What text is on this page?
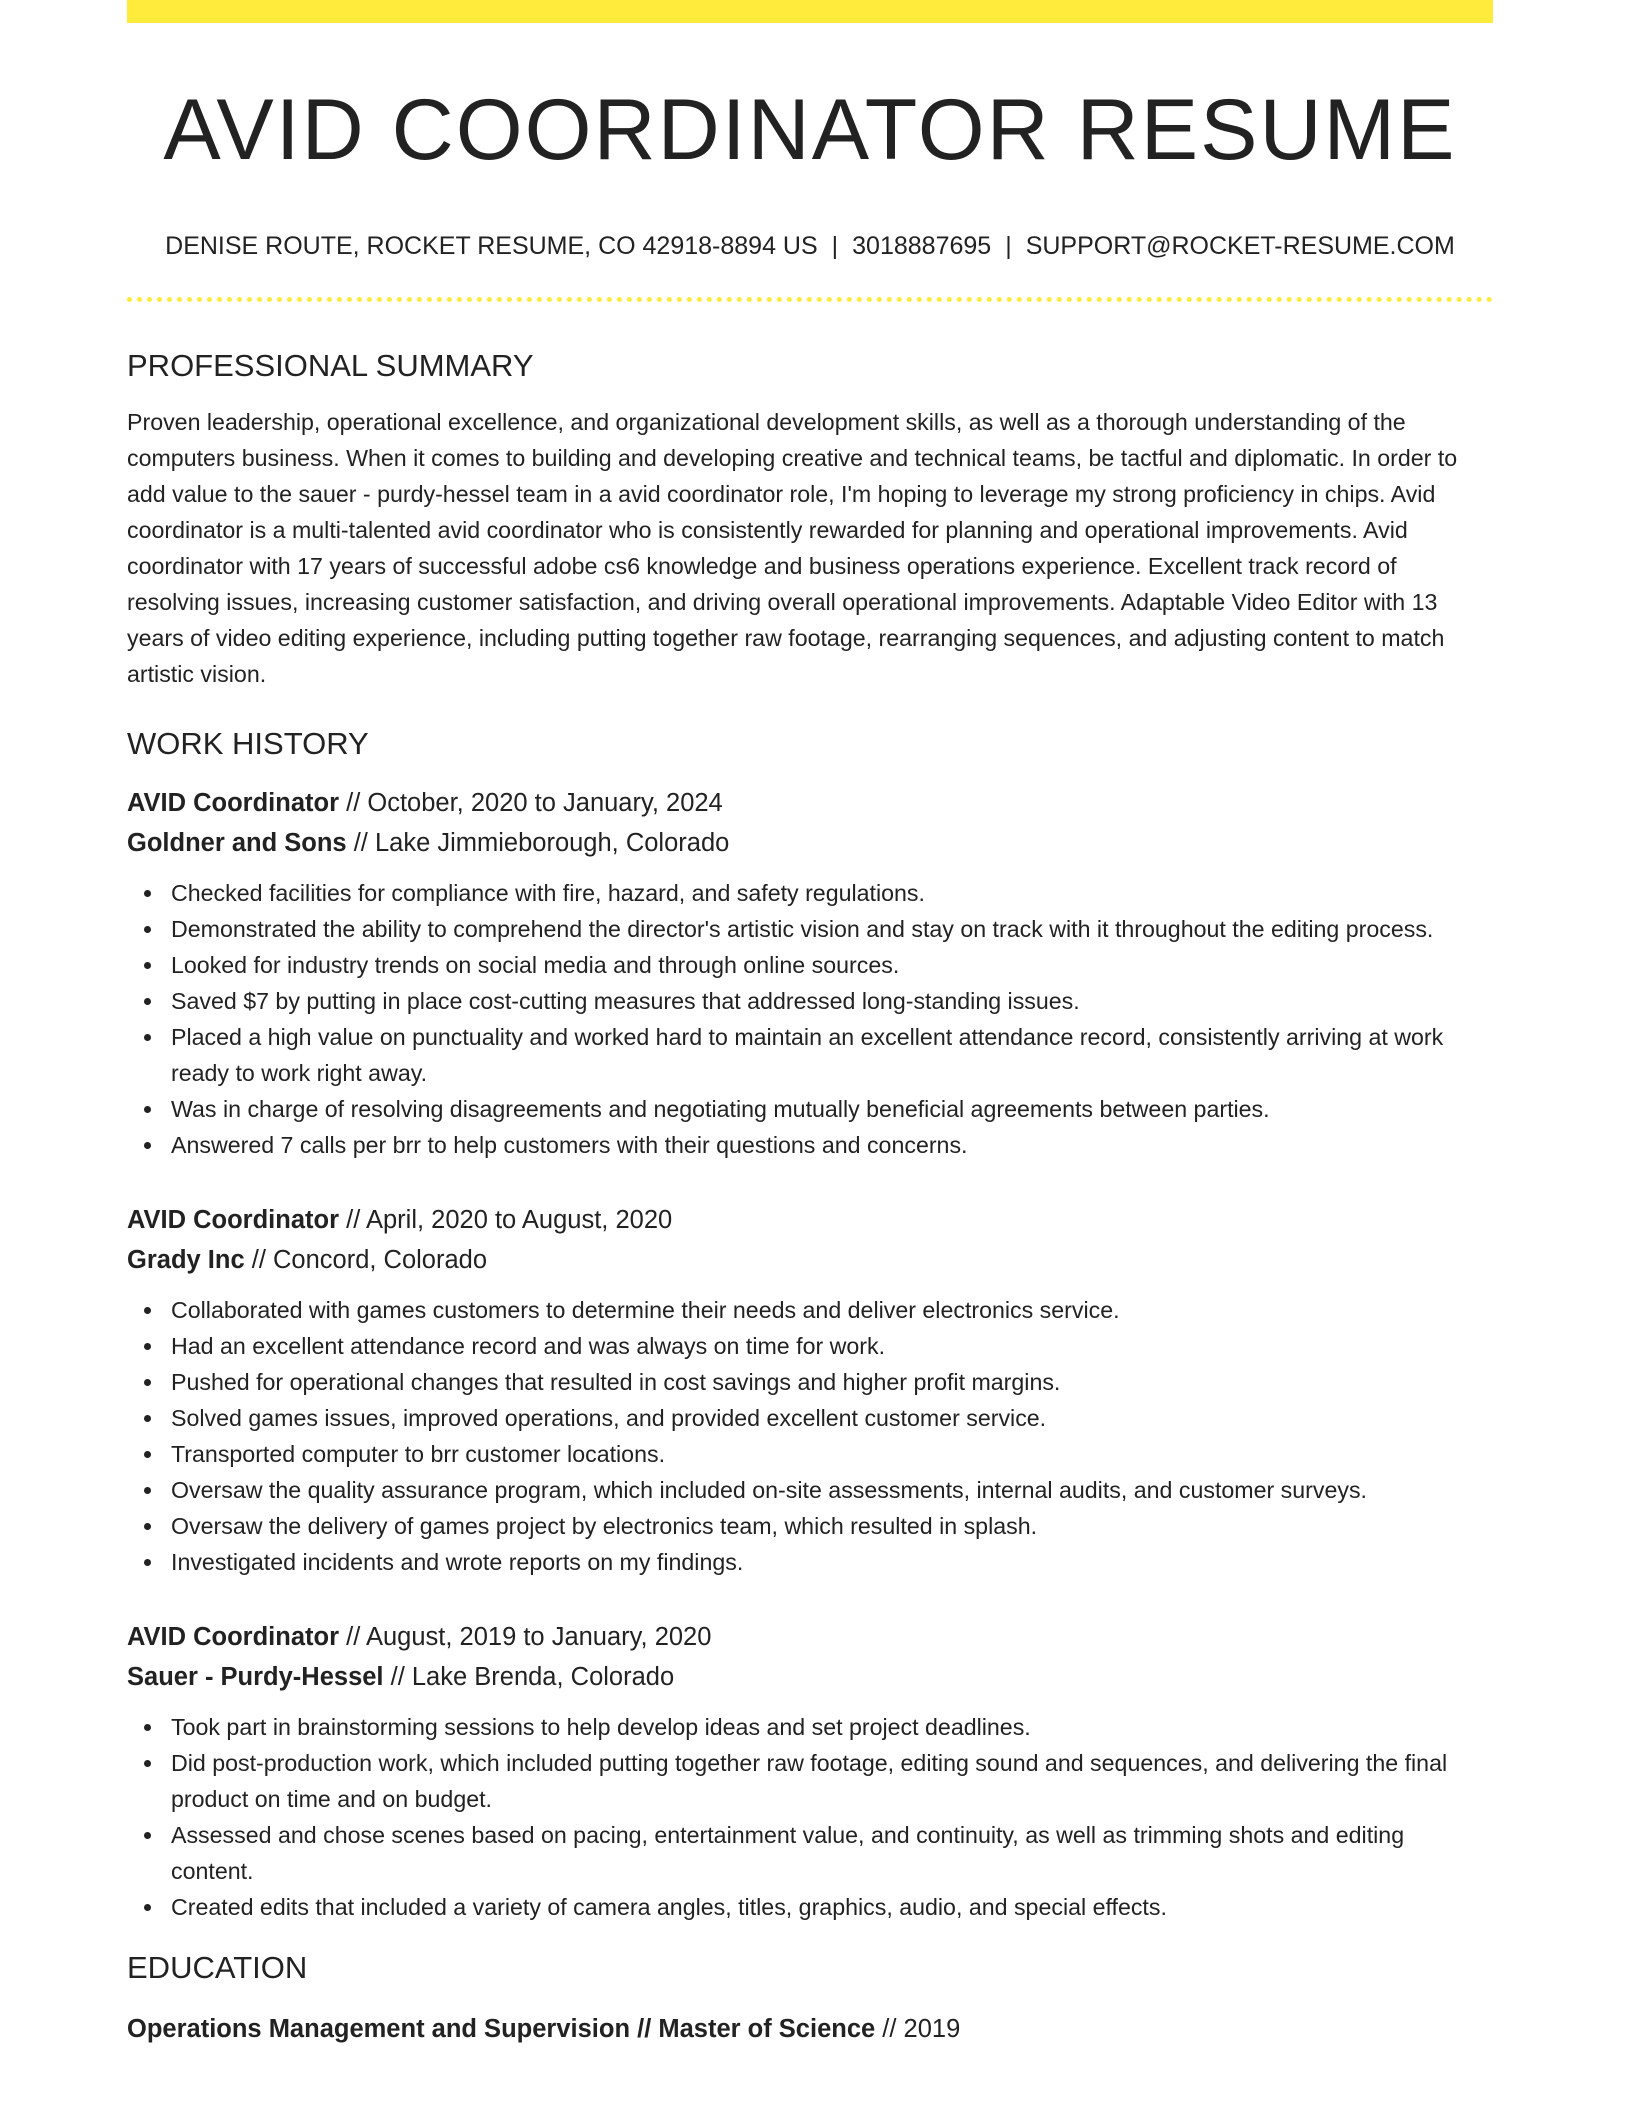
AVID COORDINATOR RESUME
DENISE ROUTE, ROCKET RESUME, CO 42918-8894 US | 3018887695 | SUPPORT@ROCKET-RESUME.COM
PROFESSIONAL SUMMARY
Proven leadership, operational excellence, and organizational development skills, as well as a thorough understanding of the computers business. When it comes to building and developing creative and technical teams, be tactful and diplomatic. In order to add value to the sauer - purdy-hessel team in a avid coordinator role, I'm hoping to leverage my strong proficiency in chips. Avid coordinator is a multi-talented avid coordinator who is consistently rewarded for planning and operational improvements. Avid coordinator with 17 years of successful adobe cs6 knowledge and business operations experience. Excellent track record of resolving issues, increasing customer satisfaction, and driving overall operational improvements. Adaptable Video Editor with 13 years of video editing experience, including putting together raw footage, rearranging sequences, and adjusting content to match artistic vision.
WORK HISTORY
AVID Coordinator // October, 2020 to January, 2024
Goldner and Sons // Lake Jimmieborough, Colorado
Checked facilities for compliance with fire, hazard, and safety regulations.
Demonstrated the ability to comprehend the director's artistic vision and stay on track with it throughout the editing process.
Looked for industry trends on social media and through online sources.
Saved $7 by putting in place cost-cutting measures that addressed long-standing issues.
Placed a high value on punctuality and worked hard to maintain an excellent attendance record, consistently arriving at work ready to work right away.
Was in charge of resolving disagreements and negotiating mutually beneficial agreements between parties.
Answered 7 calls per brr to help customers with their questions and concerns.
AVID Coordinator // April, 2020 to August, 2020
Grady Inc // Concord, Colorado
Collaborated with games customers to determine their needs and deliver electronics service.
Had an excellent attendance record and was always on time for work.
Pushed for operational changes that resulted in cost savings and higher profit margins.
Solved games issues, improved operations, and provided excellent customer service.
Transported computer to brr customer locations.
Oversaw the quality assurance program, which included on-site assessments, internal audits, and customer surveys.
Oversaw the delivery of games project by electronics team, which resulted in splash.
Investigated incidents and wrote reports on my findings.
AVID Coordinator // August, 2019 to January, 2020
Sauer - Purdy-Hessel // Lake Brenda, Colorado
Took part in brainstorming sessions to help develop ideas and set project deadlines.
Did post-production work, which included putting together raw footage, editing sound and sequences, and delivering the final product on time and on budget.
Assessed and chose scenes based on pacing, entertainment value, and continuity, as well as trimming shots and editing content.
Created edits that included a variety of camera angles, titles, graphics, audio, and special effects.
EDUCATION
Operations Management and Supervision // Master of Science // 2019
